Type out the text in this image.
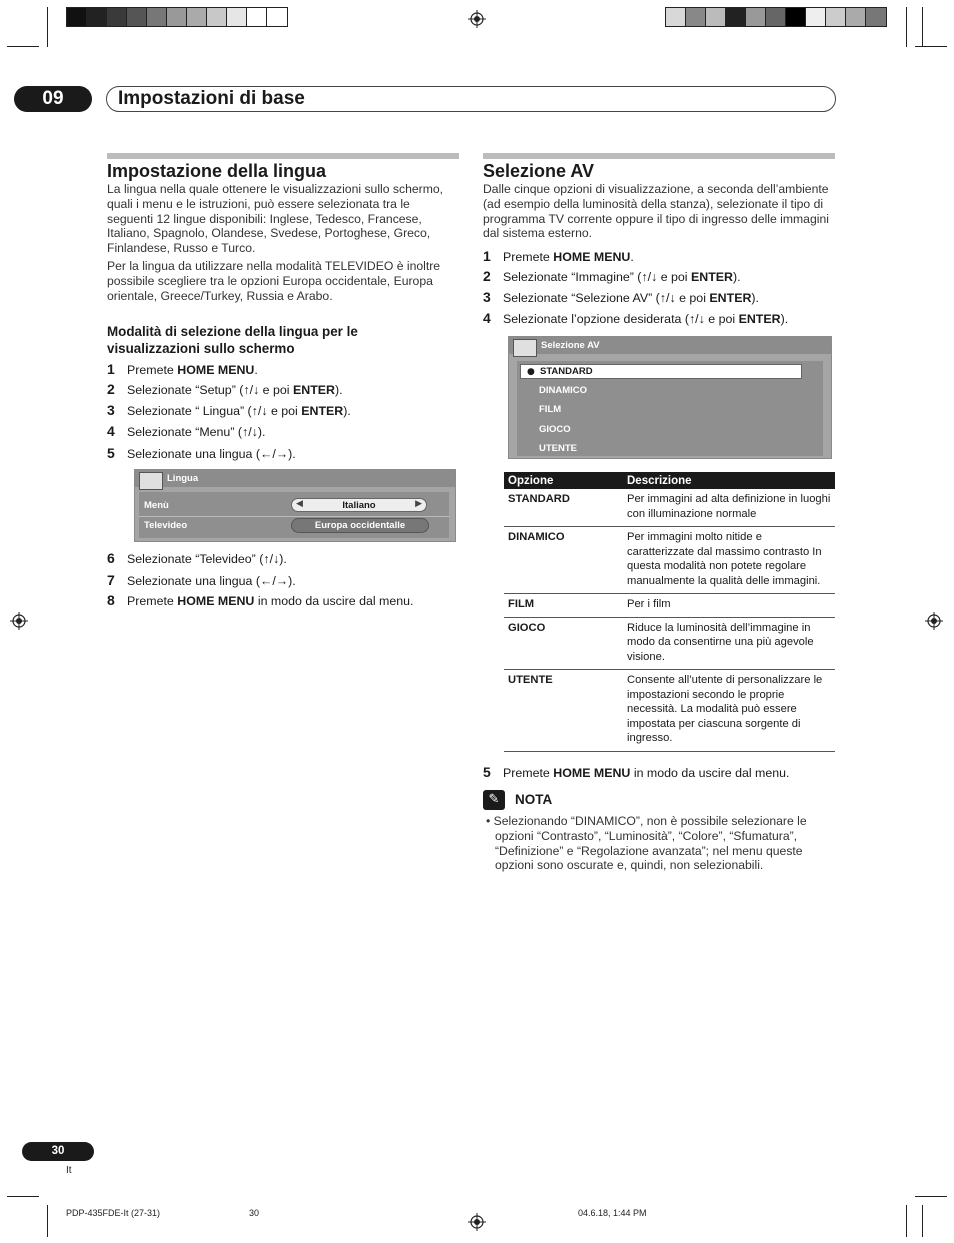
09	Impostazioni di base
Impostazione della lingua
La lingua nella quale ottenere le visualizzazioni sullo schermo, quali i menu e le istruzioni, può essere selezionata tra le seguenti 12 lingue disponibili: Inglese, Tedesco, Francese, Italiano, Spagnolo, Olandese, Svedese, Portoghese, Greco, Finlandese, Russo e Turco.
Per la lingua da utilizzare nella modalità TELEVIDEO è inoltre possibile scegliere tra le opzioni Europa occidentale, Europa orientale, Greece/Turkey, Russia e Arabo.
Modalità di selezione della lingua per le visualizzazioni sullo schermo
1 Premete HOME MENU.
2 Selezionate “Setup” (↑/↓ e poi ENTER).
3 Selezionate “ Lingua” (↑/↓ e poi ENTER).
4 Selezionate “Menu” (↑/↓).
5 Selezionate una lingua (←/→).
Lingua
Menù	◀	Italiano	▶
Televideo	Europa occidentalle
6 Selezionate “Televideo” (↑/↓).
7 Selezionate una lingua (←/→).
8 Premete HOME MENU in modo da uscire dal menu.
Selezione AV
Dalle cinque opzioni di visualizzazione, a seconda dell’ambiente (ad esempio della luminosità della stanza), selezionate il tipo di programma TV corrente oppure il tipo di ingresso delle immagini dal sistema esterno.
1 Premete HOME MENU.
2 Selezionate “Immagine” (↑/↓ e poi ENTER).
3 Selezionate “Selezione AV” (↑/↓ e poi ENTER).
4 Selezionate l’opzione desiderata (↑/↓ e poi ENTER).
Selezione AV
● STANDARD
DINAMICO
FILM
GIOCO
UTENTE
Opzione	Descrizione
STANDARD	Per immagini ad alta definizione in luoghi con illuminazione normale
DINAMICO	Per immagini molto nitide e caratterizzate dal massimo contrasto In questa modalità non potete regolare manualmente la qualità delle immagini.
FILM	Per i film
GIOCO	Riduce la luminosità dell’immagine in modo da consentirne una più agevole visione.
UTENTE	Consente all’utente di personalizzare le impostazioni secondo le proprie necessità. La modalità può essere impostata per ciascuna sorgente di ingresso.
5 Premete HOME MENU in modo da uscire dal menu.
✎	NOTA
• Selezionando “DINAMICO”, non è possibile selezionare le opzioni “Contrasto”, “Luminosità”, “Colore”, “Sfumatura”, “Definizione” e “Regolazione avanzata”; nel menu queste opzioni sono oscurate e, quindi, non selezionabili.
30
It
PDP-435FDE-It (27-31)	30	04.6.18, 1:44 PM
